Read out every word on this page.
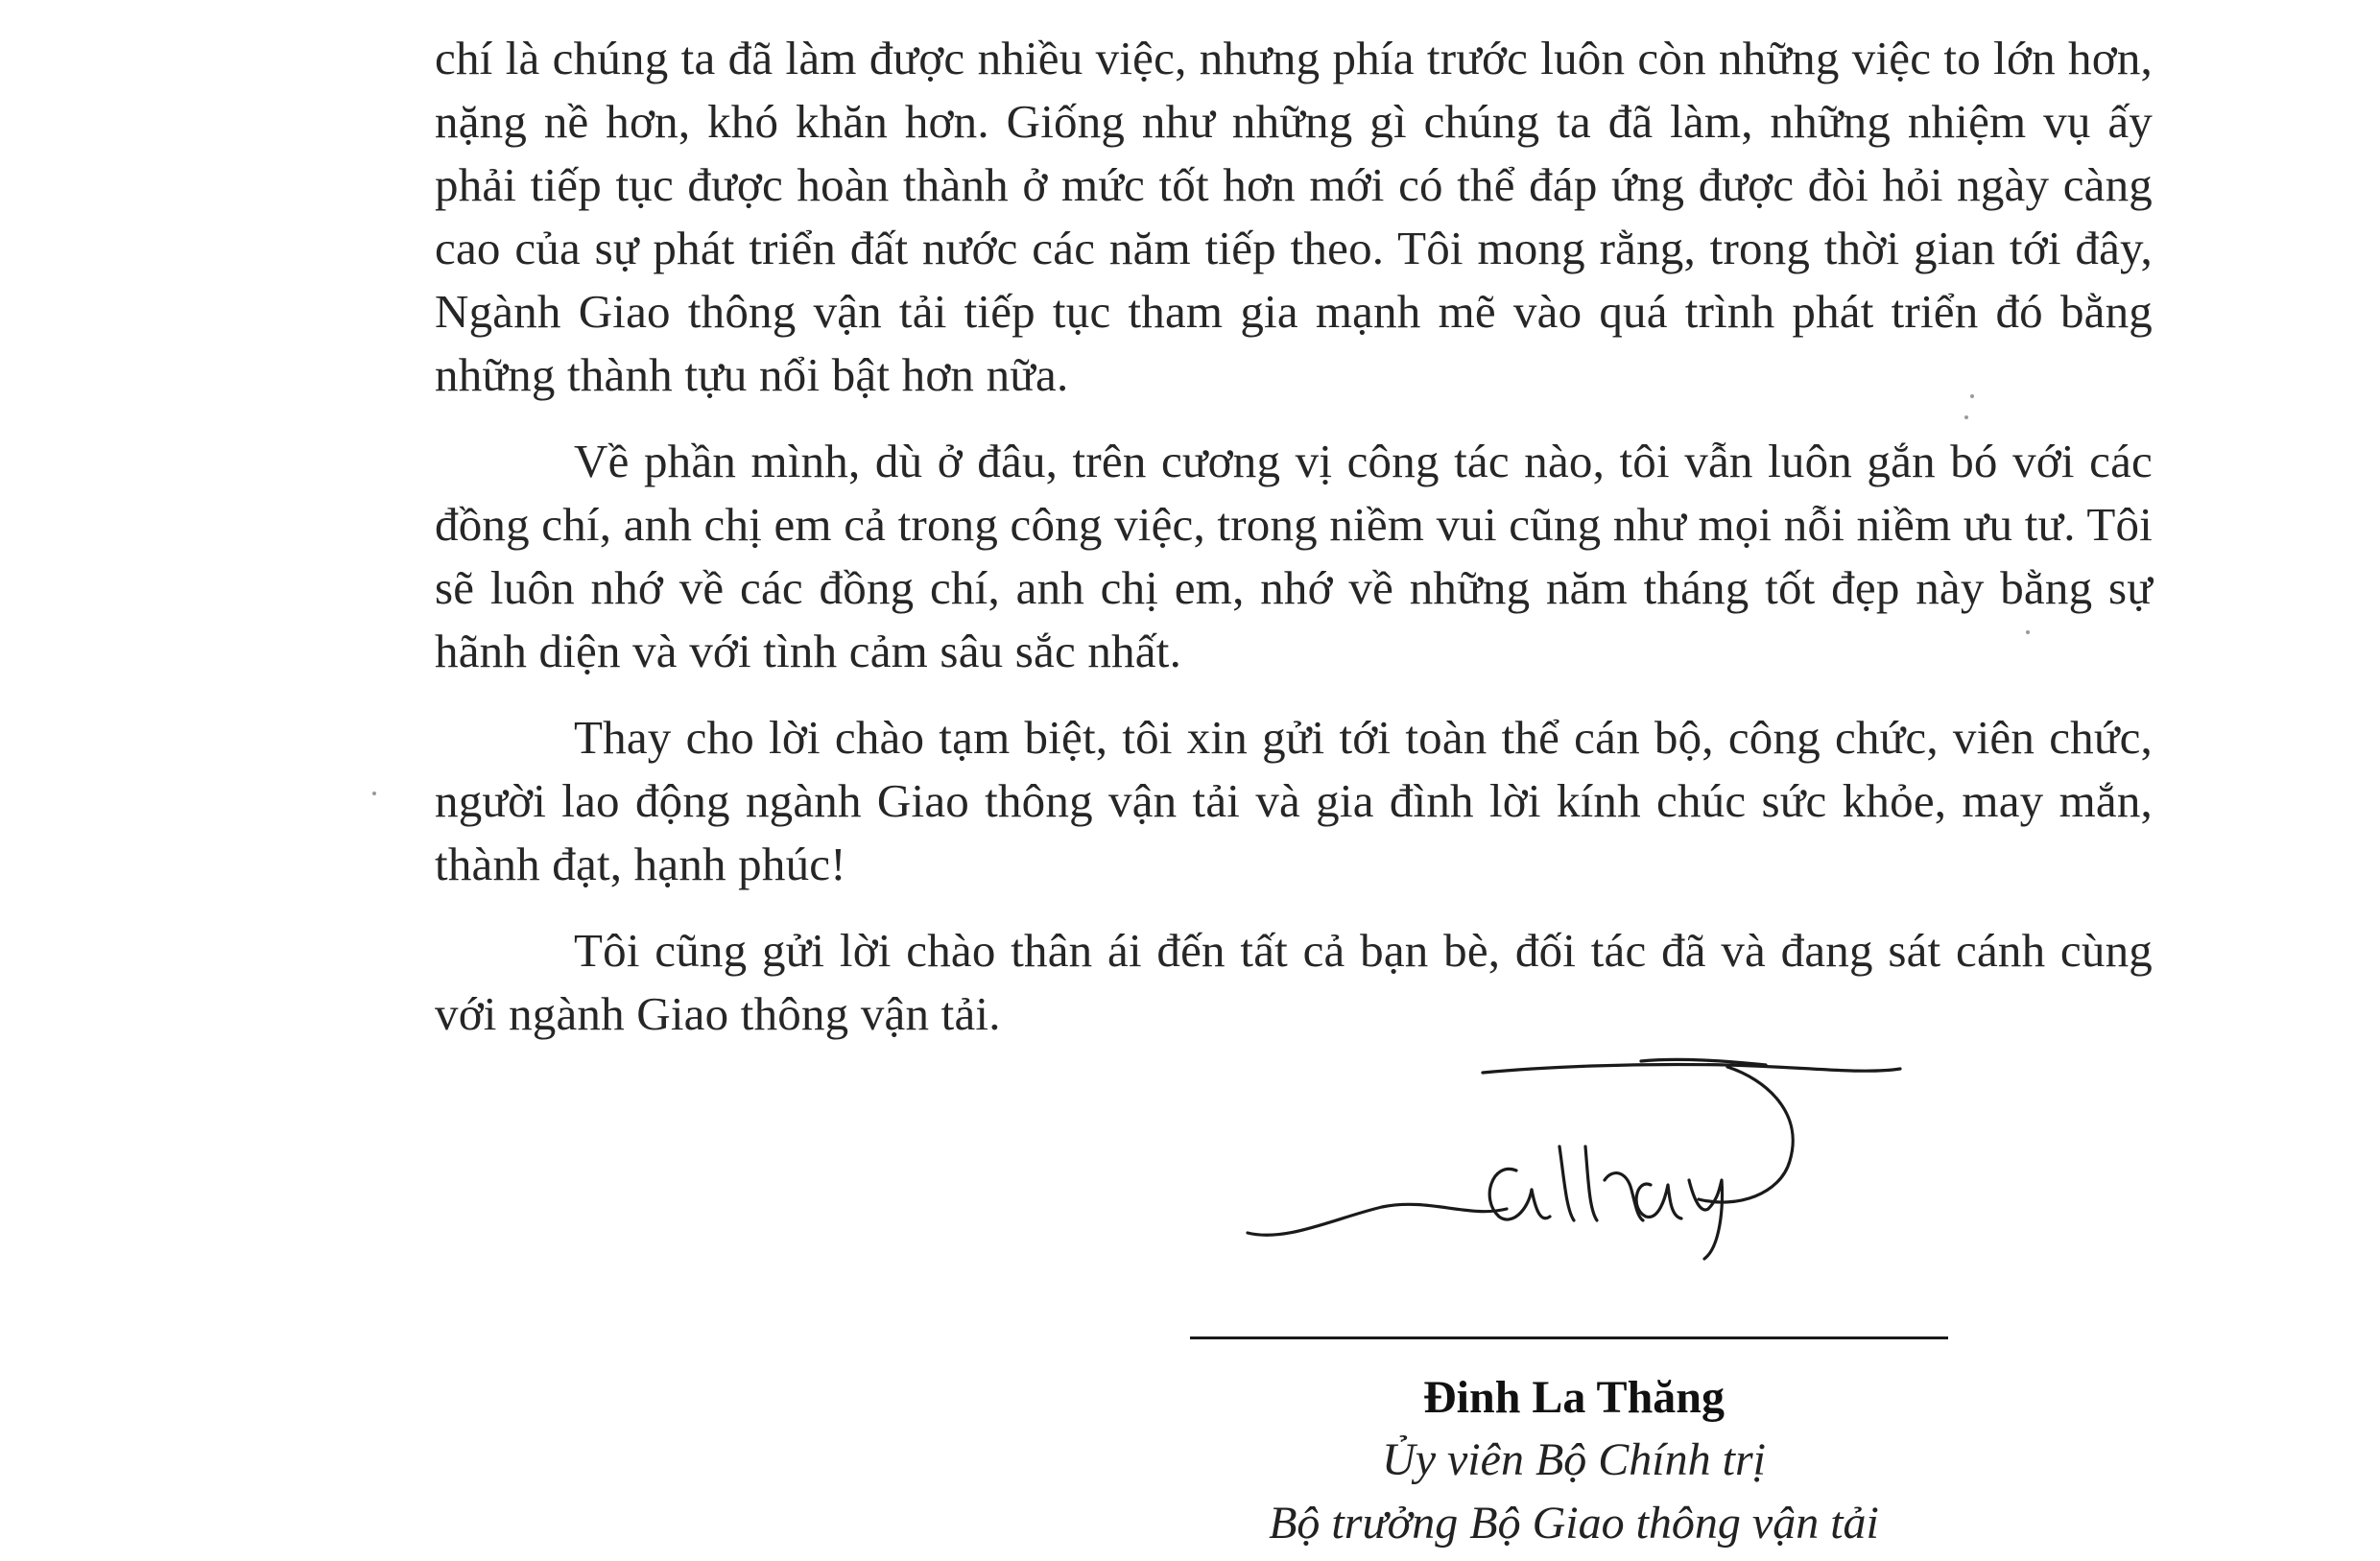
chí là chúng ta đã làm được nhiều việc, nhưng phía trước luôn còn những việc to lớn hơn, nặng nề hơn, khó khăn hơn. Giống như những gì chúng ta đã làm, những nhiệm vụ ấy phải tiếp tục được hoàn thành ở mức tốt hơn mới có thể đáp ứng được đòi hỏi ngày càng cao của sự phát triển đất nước các năm tiếp theo. Tôi mong rằng, trong thời gian tới đây, Ngành Giao thông vận tải tiếp tục tham gia mạnh mẽ vào quá trình phát triển đó bằng những thành tựu nổi bật hơn nữa.

Về phần mình, dù ở đâu, trên cương vị công tác nào, tôi vẫn luôn gắn bó với các đồng chí, anh chị em cả trong công việc, trong niềm vui cũng như mọi nỗi niềm ưu tư. Tôi sẽ luôn nhớ về các đồng chí, anh chị em, nhớ về những năm tháng tốt đẹp này bằng sự hãnh diện và với tình cảm sâu sắc nhất.

Thay cho lời chào tạm biệt, tôi xin gửi tới toàn thể cán bộ, công chức, viên chức, người lao động ngành Giao thông vận tải và gia đình lời kính chúc sức khỏe, may mắn, thành đạt, hạnh phúc!

Tôi cũng gửi lời chào thân ái đến tất cả bạn bè, đối tác đã và đang sát cánh cùng với ngành Giao thông vận tải.

Đinh La Thăng
Ủy viên Bộ Chính trị
Bộ trưởng Bộ Giao thông vận tải
